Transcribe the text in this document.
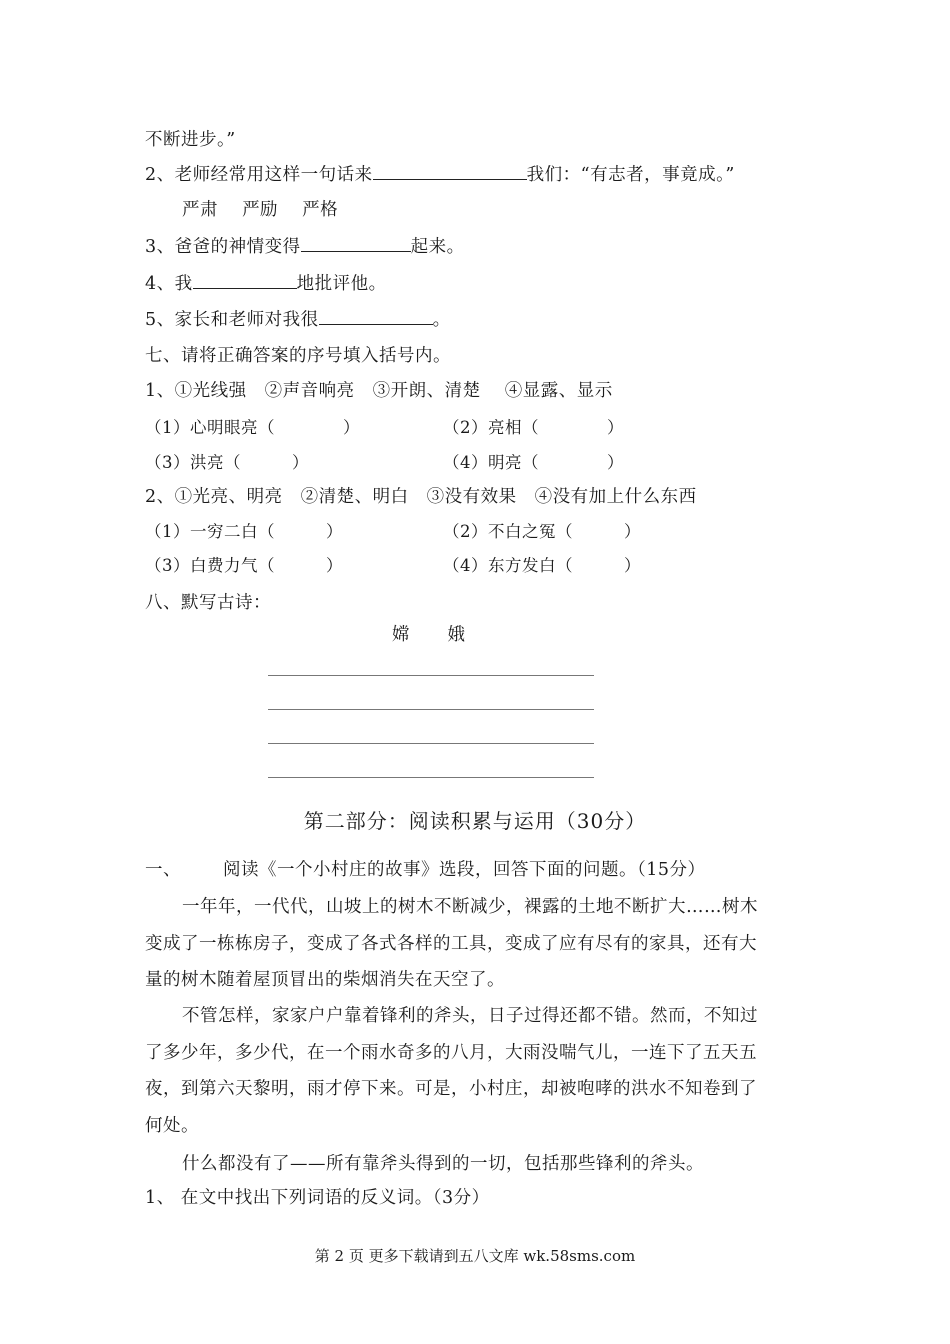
不断进步。”
2、老师经常用这样一句话来	我们：“有志者，事竟成。”
严肃　 严励　 严格
3、爸爸的神情变得	起来。
4、我	地批评他。
5、家长和老师对我很	。
七、请将正确答案的序号填入括号内。
1、①光线强　②声音响亮　③开朗、清楚　 ④显露、显示
（1）心明眼亮（　　　　）	（2）亮相（　　　　）
（3）洪亮（　　　）	（4）明亮（　　　　）
2、①光亮、明亮　②清楚、明白　③没有效果　④没有加上什么东西
（1）一穷二白（　　　）	（2）不白之冤（　　　）
（3）白费力气（　　　）	（4）东方发白（　　　）
八、默写古诗：
嫦　　娥
第二部分：阅读积累与运用（30分）
一、 阅读《一个小村庄的故事》选段，回答下面的问题。（15分）
一年年，一代代，山坡上的树木不断减少，裸露的土地不断扩大……树木
变成了一栋栋房子，变成了各式各样的工具，变成了应有尽有的家具，还有大
量的树木随着屋顶冒出的柴烟消失在天空了。
不管怎样，家家户户靠着锋利的斧头，日子过得还都不错。然而，不知过
了多少年，多少代，在一个雨水奇多的八月，大雨没喘气儿，一连下了五天五
夜，到第六天黎明，雨才停下来。可是，小村庄，却被咆哮的洪水不知卷到了
何处。
什么都没有了——所有靠斧头得到的一切，包括那些锋利的斧头。
1、 在文中找出下列词语的反义词。（3分）
第 2 页 更多下载请到五八文库 wk.58sms.com
